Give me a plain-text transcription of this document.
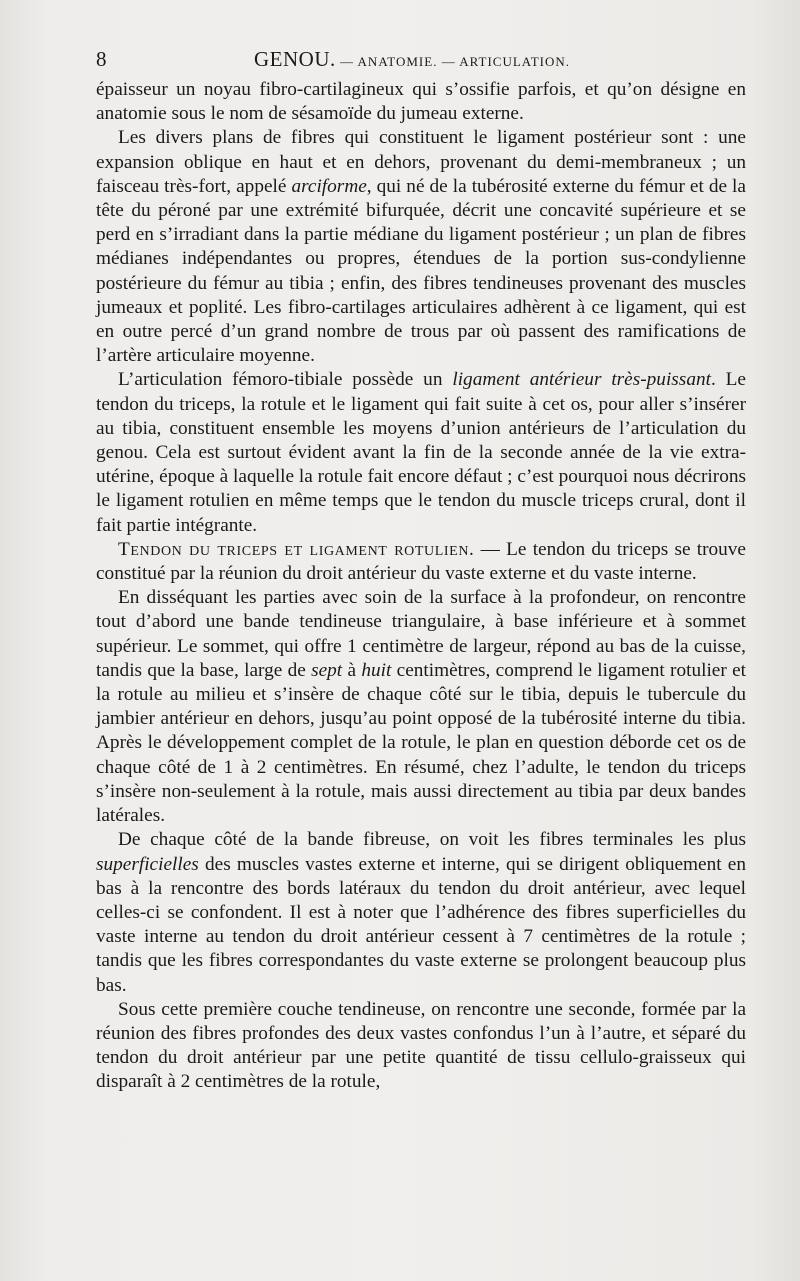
8	GENOU. — ANATOMIE. — ARTICULATION.

épaisseur un noyau fibro-cartilagineux qui s’ossifie parfois, et qu’on désigne en anatomie sous le nom de sésamoïde du jumeau externe.

Les divers plans de fibres qui constituent le ligament postérieur sont : une expansion oblique en haut et en dehors, provenant du demi-membraneux ; un faisceau très-fort, appelé arciforme, qui né de la tubérosité externe du fémur et de la tête du péroné par une extrémité bifurquée, décrit une concavité supérieure et se perd en s’irradiant dans la partie médiane du ligament postérieur ; un plan de fibres médianes indépendantes ou propres, étendues de la portion sus-condylienne postérieure du fémur au tibia ; enfin, des fibres tendineuses provenant des muscles jumeaux et poplité. Les fibro-cartilages articulaires adhèrent à ce ligament, qui est en outre percé d’un grand nombre de trous par où passent des ramifications de l’artère articulaire moyenne.

L’articulation fémoro-tibiale possède un ligament antérieur très-puissant. Le tendon du triceps, la rotule et le ligament qui fait suite à cet os, pour aller s’insérer au tibia, constituent ensemble les moyens d’union antérieurs de l’articulation du genou. Cela est surtout évident avant la fin de la seconde année de la vie extra-utérine, époque à laquelle la rotule fait encore défaut ; c’est pourquoi nous décrirons le ligament rotulien en même temps que le tendon du muscle triceps crural, dont il fait partie intégrante.

Tendon du triceps et ligament rotulien. — Le tendon du triceps se trouve constitué par la réunion du droit antérieur du vaste externe et du vaste interne.

En disséquant les parties avec soin de la surface à la profondeur, on rencontre tout d’abord une bande tendineuse triangulaire, à base inférieure et à sommet supérieur. Le sommet, qui offre 1 centimètre de largeur, répond au bas de la cuisse, tandis que la base, large de sept à huit centimètres, comprend le ligament rotulier et la rotule au milieu et s’insère de chaque côté sur le tibia, depuis le tubercule du jambier antérieur en dehors, jusqu’au point opposé de la tubérosité interne du tibia. Après le développement complet de la rotule, le plan en question déborde cet os de chaque côté de 1 à 2 centimètres. En résumé, chez l’adulte, le tendon du triceps s’insère non-seulement à la rotule, mais aussi directement au tibia par deux bandes latérales.

De chaque côté de la bande fibreuse, on voit les fibres terminales les plus superficielles des muscles vastes externe et interne, qui se dirigent obliquement en bas à la rencontre des bords latéraux du tendon du droit antérieur, avec lequel celles-ci se confondent. Il est à noter que l’adhérence des fibres superficielles du vaste interne au tendon du droit antérieur cessent à 7 centimètres de la rotule ; tandis que les fibres correspondantes du vaste externe se prolongent beaucoup plus bas.

Sous cette première couche tendineuse, on rencontre une seconde, formée par la réunion des fibres profondes des deux vastes confondus l’un à l’autre, et séparé du tendon du droit antérieur par une petite quantité de tissu cellulo-graisseux qui disparaît à 2 centimètres de la rotule,
